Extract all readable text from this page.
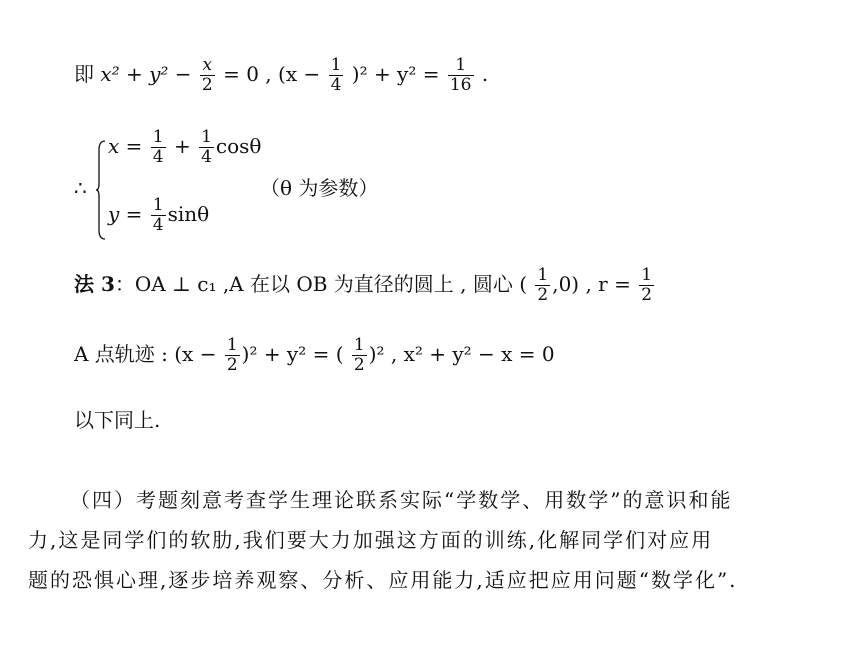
即 $x^2 + y^2 - \frac{x}{2} = 0$ , $(x - \frac{1}{4} )^2 + y^2 = \frac{1}{16}$ .
∴
$x = \frac{1}{4} + \frac{1}{4}$ cosθ
（θ 为参数）
$y = \frac{1}{4}$ sinθ
法 3：OA ⊥ c₁ ,A 在以 OB 为直径的圆上 , 圆心 ( $\frac{1}{2} ,0$) , $r = \frac{1}{2}$
A 点轨迹 : $(x - \frac{1}{2} )^2 + y^2$ = ( $\frac{1}{2} )^2$ , x² + y² − x = 0
以下同上.
（四）考题刻意考查学生理论联系实际“学数学、用数学”的意识和能
力,这是同学们的软肋,我们要大力加强这方面的训练,化解同学们对应用
题的恐惧心理,逐步培养观察、分析、应用能力,适应把应用问题“数学化”.
